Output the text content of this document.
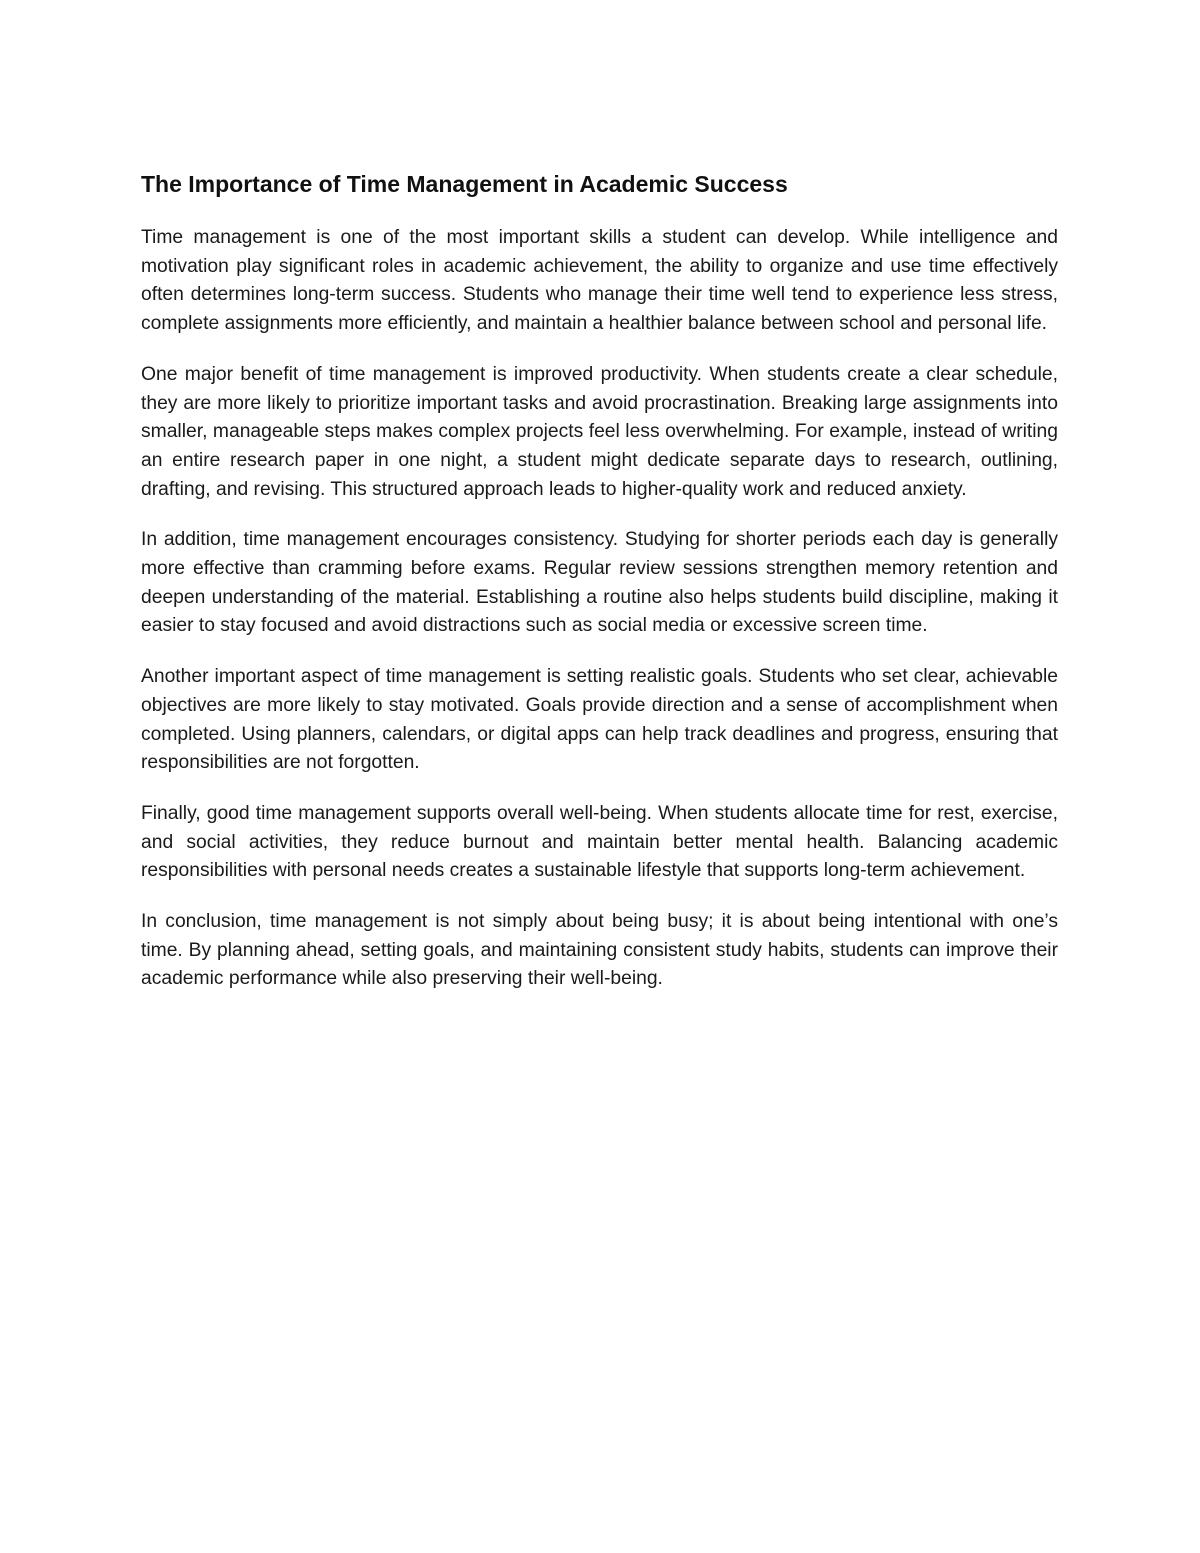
The Importance of Time Management in Academic Success

Time management is one of the most important skills a student can develop. While intelligence and motivation play significant roles in academic achievement, the ability to organize and use time effectively often determines long-term success. Students who manage their time well tend to experience less stress, complete assignments more efficiently, and maintain a healthier balance between school and personal life.

One major benefit of time management is improved productivity. When students create a clear schedule, they are more likely to prioritize important tasks and avoid procrastination. Breaking large assignments into smaller, manageable steps makes complex projects feel less overwhelming. For example, instead of writing an entire research paper in one night, a student might dedicate separate days to research, outlining, drafting, and revising. This structured approach leads to higher-quality work and reduced anxiety.

In addition, time management encourages consistency. Studying for shorter periods each day is generally more effective than cramming before exams. Regular review sessions strengthen memory retention and deepen understanding of the material. Establishing a routine also helps students build discipline, making it easier to stay focused and avoid distractions such as social media or excessive screen time.

Another important aspect of time management is setting realistic goals. Students who set clear, achievable objectives are more likely to stay motivated. Goals provide direction and a sense of accomplishment when completed. Using planners, calendars, or digital apps can help track deadlines and progress, ensuring that responsibilities are not forgotten.

Finally, good time management supports overall well-being. When students allocate time for rest, exercise, and social activities, they reduce burnout and maintain better mental health. Balancing academic responsibilities with personal needs creates a sustainable lifestyle that supports long-term achievement.

In conclusion, time management is not simply about being busy; it is about being intentional with one’s time. By planning ahead, setting goals, and maintaining consistent study habits, students can improve their academic performance while also preserving their well-being.
